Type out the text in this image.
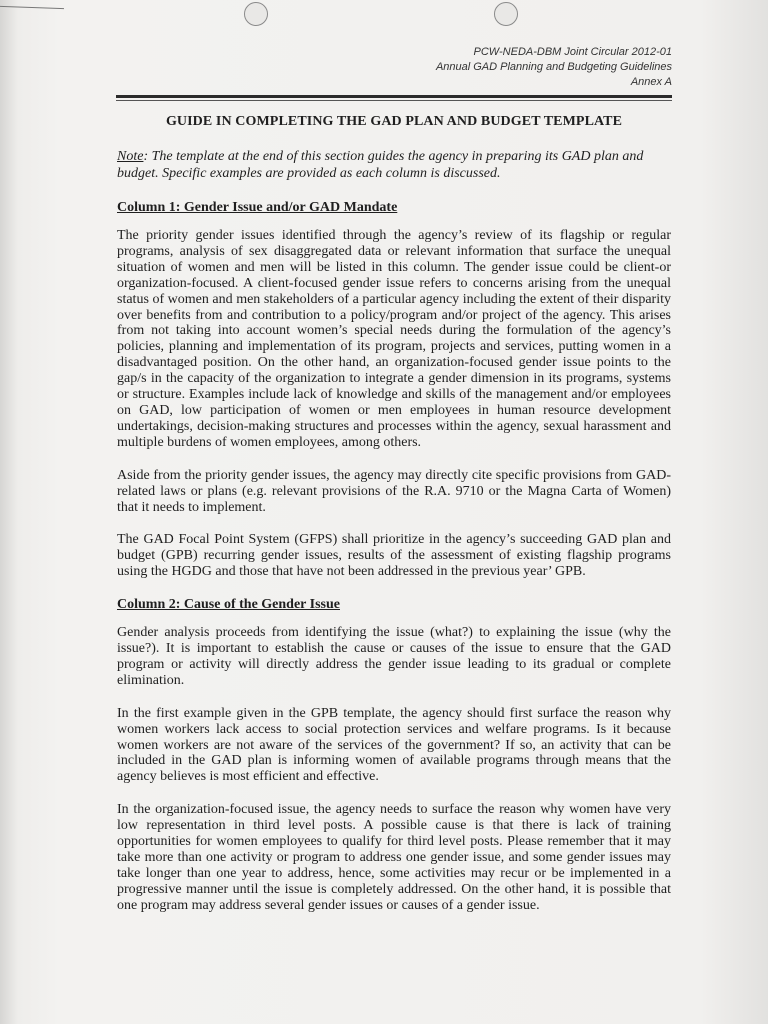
PCW-NEDA-DBM Joint Circular 2012-01
Annual GAD Planning and Budgeting Guidelines
Annex A
GUIDE IN COMPLETING THE GAD PLAN AND BUDGET TEMPLATE

Note: The template at the end of this section guides the agency in preparing its GAD plan and budget. Specific examples are provided as each column is discussed.

Column 1: Gender Issue and/or GAD Mandate

The priority gender issues identified through the agency’s review of its flagship or regular programs, analysis of sex disaggregated data or relevant information that surface the unequal situation of women and men will be listed in this column. The gender issue could be client-or organization-focused. A client-focused gender issue refers to concerns arising from the unequal status of women and men stakeholders of a particular agency including the extent of their disparity over benefits from and contribution to a policy/program and/or project of the agency. This arises from not taking into account women’s special needs during the formulation of the agency’s policies, planning and implementation of its program, projects and services, putting women in a disadvantaged position. On the other hand, an organization-focused gender issue points to the gap/s in the capacity of the organization to integrate a gender dimension in its programs, systems or structure. Examples include lack of knowledge and skills of the management and/or employees on GAD, low participation of women or men employees in human resource development undertakings, decision-making structures and processes within the agency, sexual harassment and multiple burdens of women employees, among others.

Aside from the priority gender issues, the agency may directly cite specific provisions from GAD-related laws or plans (e.g. relevant provisions of the R.A. 9710 or the Magna Carta of Women) that it needs to implement.

The GAD Focal Point System (GFPS) shall prioritize in the agency’s succeeding GAD plan and budget (GPB) recurring gender issues, results of the assessment of existing flagship programs using the HGDG and those that have not been addressed in the previous year’ GPB.

Column 2: Cause of the Gender Issue

Gender analysis proceeds from identifying the issue (what?) to explaining the issue (why the issue?). It is important to establish the cause or causes of the issue to ensure that the GAD program or activity will directly address the gender issue leading to its gradual or complete elimination.

In the first example given in the GPB template, the agency should first surface the reason why women workers lack access to social protection services and welfare programs. Is it because women workers are not aware of the services of the government? If so, an activity that can be included in the GAD plan is informing women of available programs through means that the agency believes is most efficient and effective.

In the organization-focused issue, the agency needs to surface the reason why women have very low representation in third level posts. A possible cause is that there is lack of training opportunities for women employees to qualify for third level posts. Please remember that it may take more than one activity or program to address one gender issue, and some gender issues may take longer than one year to address, hence, some activities may recur or be implemented in a progressive manner until the issue is completely addressed. On the other hand, it is possible that one program may address several gender issues or causes of a gender issue.
